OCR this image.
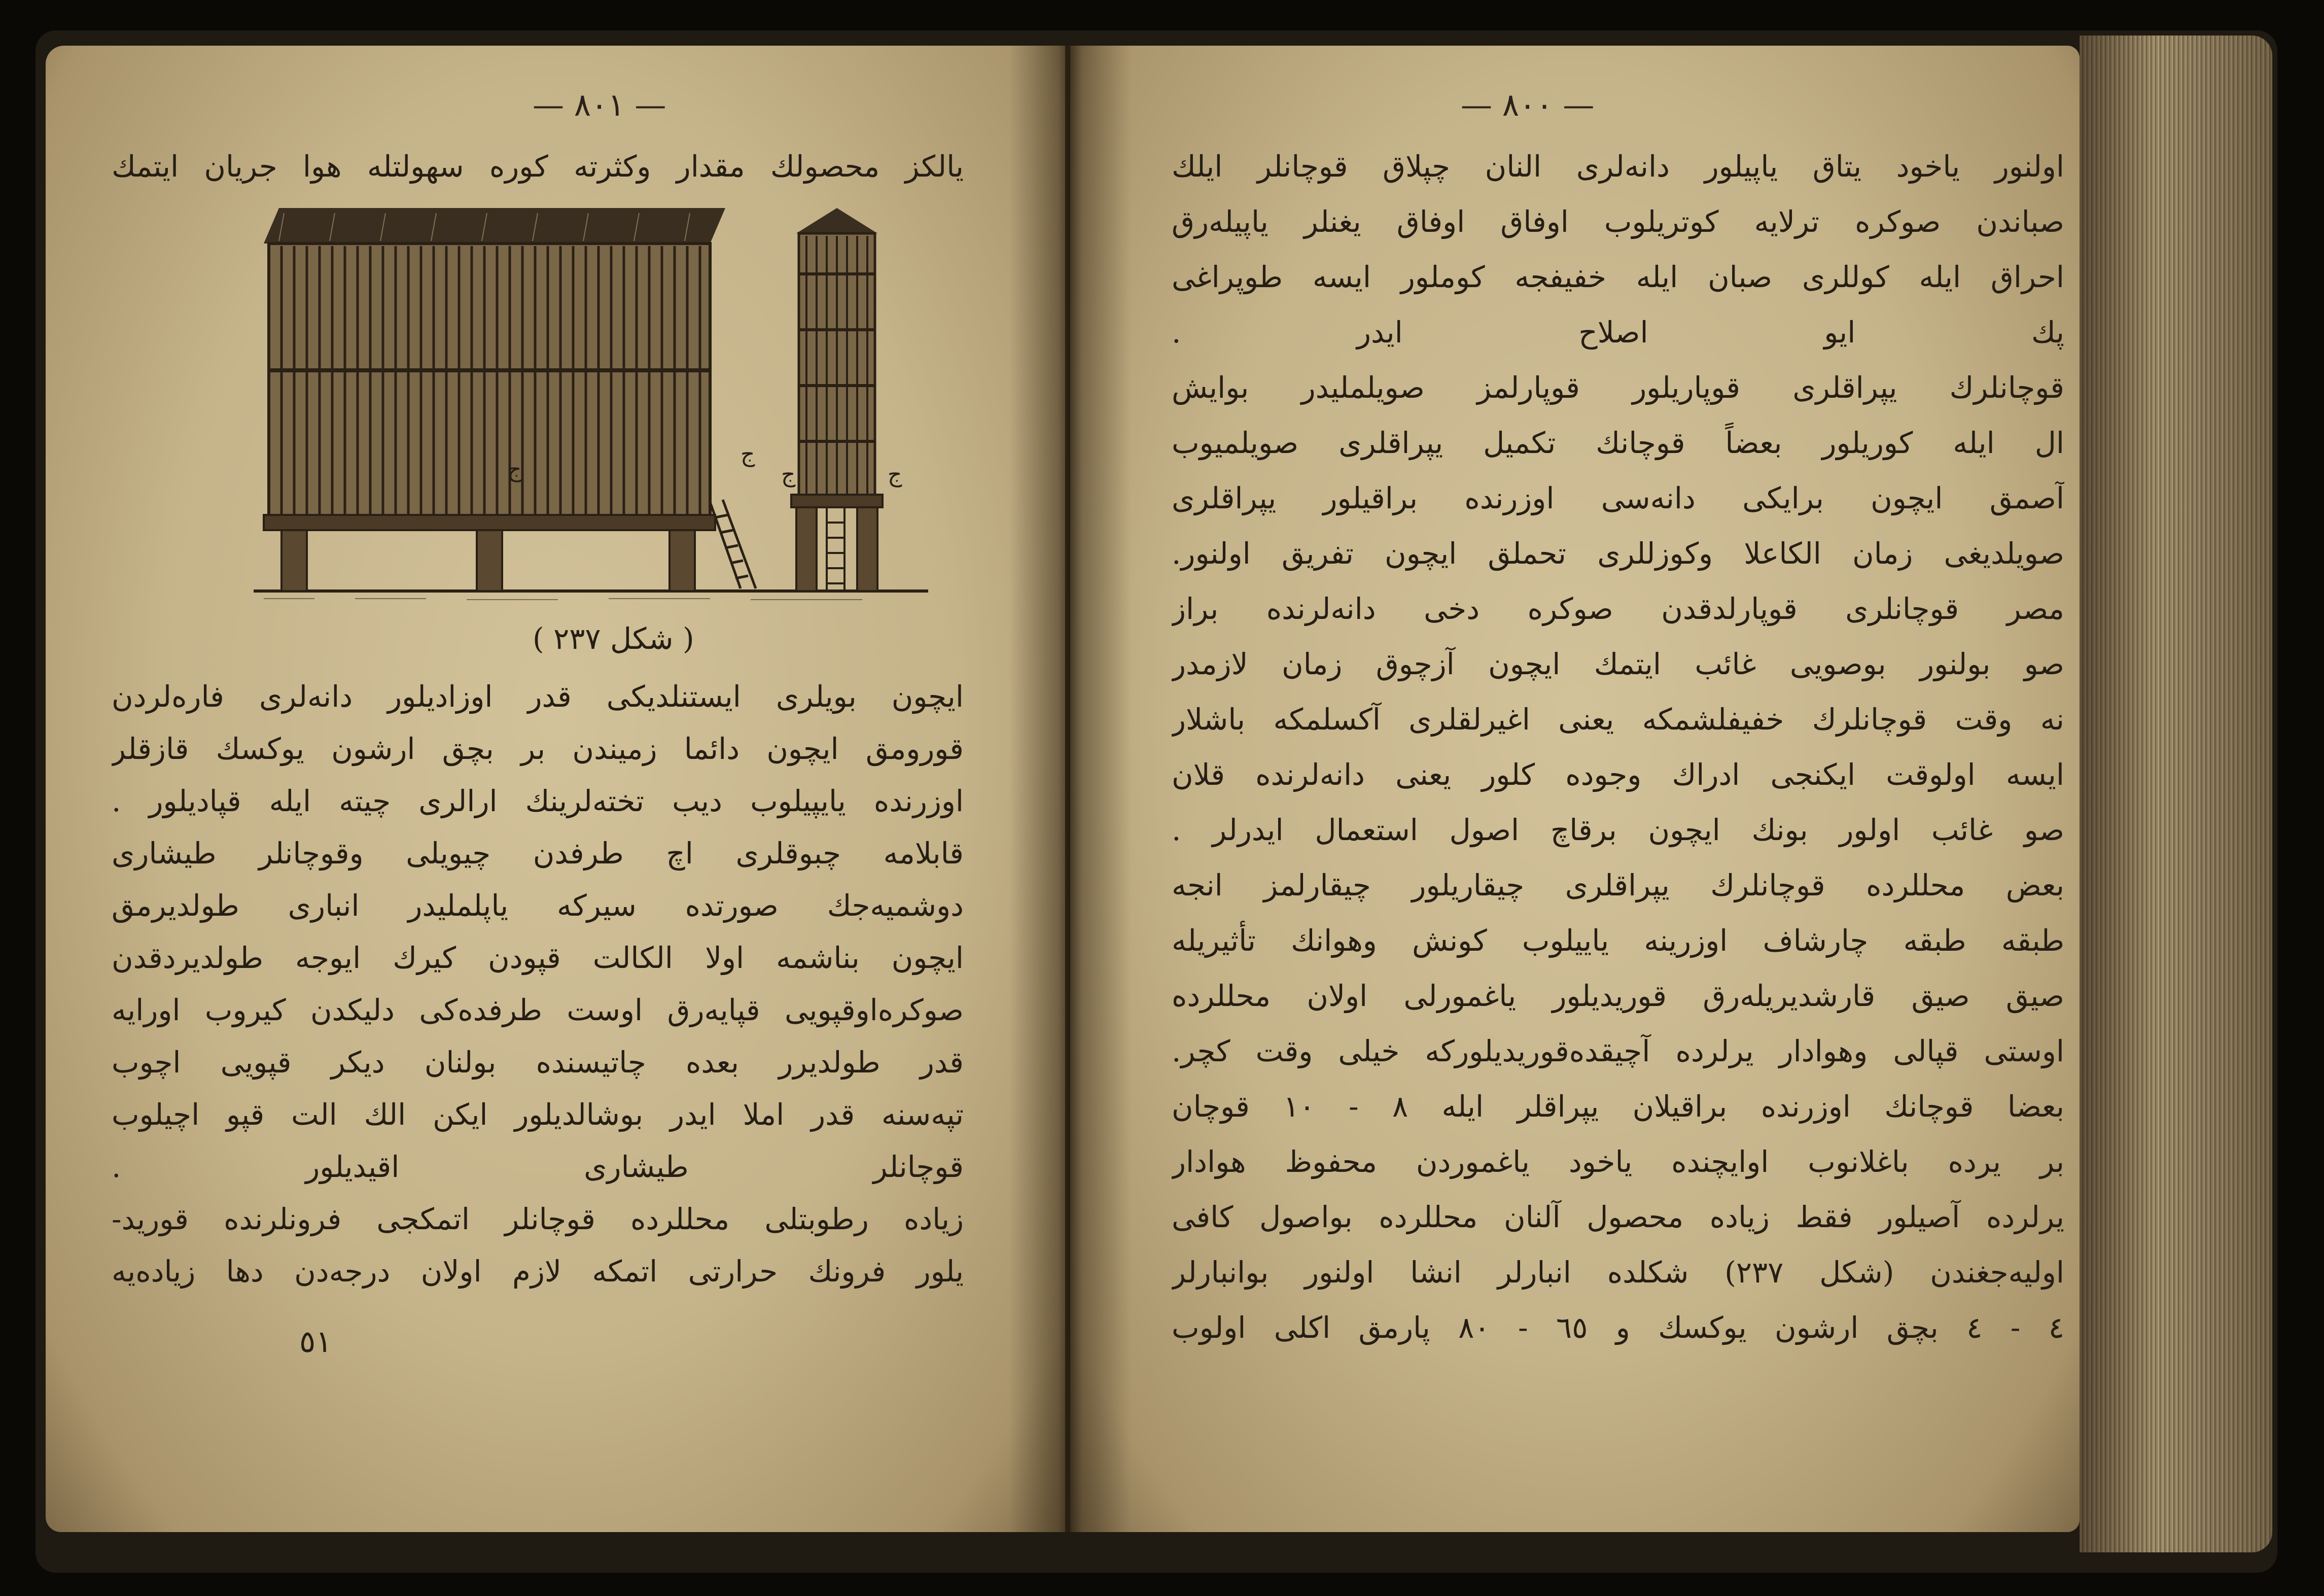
— ٨٠١ —	— ٨٠٠ —
ج
ج
ج	ج
( شكل ٢٣٧ )
يالكز محصولك مقدار وكثرته كوره سهولتله هوا جريان ايتمك
ايچون بويلرى ايستنلديكى قدر اوزاديلور دانه‌لرى فاره‌لردن
قورومق ايچون دائما زميندن بر بچق ارشون يوكسك قازقلر
اوزرنده يايپيلوب ديب تخته‌لرينك ارالرى چيته ايله قپاديلور .
قابلامه چبوقلرى اچ طرفدن چيويلى وقوچانلر طيشارى
دوشميه‌جك صورتده سيركه ياپلمليدر انبارى طولديرمق
ايچون بناشمه اولا الكالت قپودن كيرك ايوجه طولديردقدن
صوكره‌اوقپويى قپايه‌رق اوست طرفده‌كى دليكدن كيروب اورايه
قدر طولديرر بعده چاتيسنده بولنان ديكر قپويى اچوب
تپه‌سنه قدر املا ايدر بوشالديلور ايكن الك الت قپو اچيلوب
قوچانلر طيشارى اقيديلور .
زياده رطوبتلى محللرده قوچانلر اتمكجى فرونلرنده قوريد-
يلور فرونك حرارتى اتمكه لازم اولان درجه‌دن دها زياده‌يه
اولنور ياخود يتاق ياپيلور دانه‌لرى النان چپلاق قوچانلر ايلك
صباندن صوكره ترلايه كوتريلوب اوفاق اوفاق يغنلر ياپيله‌رق
احراق ايله كوللرى صبان ايله خفيفجه كوملور ايسه طوپراغى
پك ايو اصلاح ايدر .
قوچانلرك يپراقلرى قوپاريلور قوپارلمز صويلمليدر بوايش
ال ايله كوريلور بعضاً قوچانك تكميل يپراقلرى صويلميوب
آصمق ايچون برايكى دانه‌سى اوزرنده براقيلور يپراقلرى
صويلديغى زمان الكاعلا وكوزللرى تحملق ايچون تفريق اولنور.
مصر قوچانلرى قوپارلدقدن صوكره دخى دانه‌لرنده براز
صو بولنور بوصويى غائب ايتمك ايچون آزچوق زمان لازمدر
نه وقت قوچانلرك خفيفلشمكه يعنى اغيرلقلرى آكسلمكه باشلار
ايسه اولوقت ايكنجى ادراك وجوده كلور يعنى دانه‌لرنده قلان
صو غائب اولور بونك ايچون برقاچ اصول استعمال ايدرلر .
بعض محللرده قوچانلرك يپراقلرى چيقاريلور چيقارلمز انجه
طبقه طبقه چارشاف اوزرينه ياييلوب كونش وهوانك تأثيريله
صيق صيق قارشديريله‌رق قوريديلور ياغمورلى اولان محللرده
اوستى قپالى وهوادار يرلرده آچيقده‌قوريديلوركه خيلى وقت كچر.
بعضا قوچانك اوزرنده براقيلان يپراقلر ايله ٨ - ١٠ قوچان
بر يرده باغلانوب اوايچنده ياخود ياغموردن محفوظ هوادار
يرلرده آصيلور فقط زياده محصول آلنان محللرده بواصول كافى
اوليه‌جغندن (شكل ٢٣٧) شكلده انبارلر انشا اولنور بوانبارلر
٤ - ٤ بچق ارشون يوكسك و ٦٥ - ٨٠ پارمق اكلى اولوب
٥١
